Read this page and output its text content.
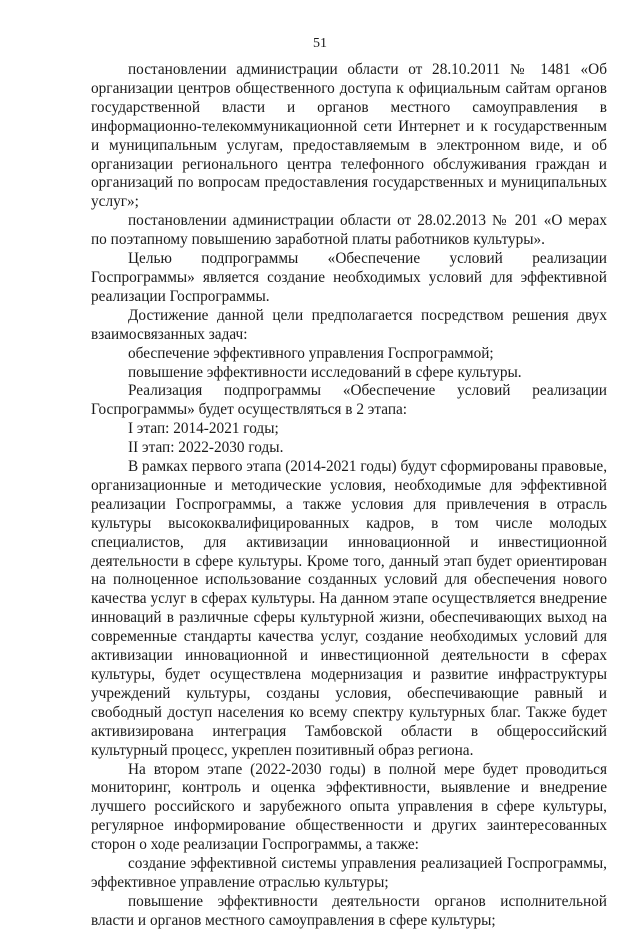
51

постановлении администрации области от 28.10.2011 № 1481 «Об организации центров общественного доступа к официальным сайтам органов государственной власти и органов местного самоуправления в информационно-телекоммуникационной сети Интернет и к государственным и муниципальным услугам, предоставляемым в электронном виде, и об организации регионального центра телефонного обслуживания граждан и организаций по вопросам предоставления государственных и муниципальных услуг»;

постановлении администрации области от 28.02.2013 № 201 «О мерах по поэтапному повышению заработной платы работников культуры».

Целью подпрограммы «Обеспечение условий реализации Госпрограммы» является создание необходимых условий для эффективной реализации Госпрограммы.

Достижение данной цели предполагается посредством решения двух взаимосвязанных задач:

обеспечение эффективного управления Госпрограммой;

повышение эффективности исследований в сфере культуры.

Реализация подпрограммы «Обеспечение условий реализации Госпрограммы» будет осуществляться в 2 этапа:

I этап: 2014-2021 годы;

II этап: 2022-2030 годы.

В рамках первого этапа (2014-2021 годы) будут сформированы правовые, организационные и методические условия, необходимые для эффективной реализации Госпрограммы, а также условия для привлечения в отрасль культуры высококвалифицированных кадров, в том числе молодых специалистов, для активизации инновационной и инвестиционной деятельности в сфере культуры. Кроме того, данный этап будет ориентирован на полноценное использование созданных условий для обеспечения нового качества услуг в сферах культуры. На данном этапе осуществляется внедрение инноваций в различные сферы культурной жизни, обеспечивающих выход на современные стандарты качества услуг, создание необходимых условий для активизации инновационной и инвестиционной деятельности в сферах культуры, будет осуществлена модернизация и развитие инфраструктуры учреждений культуры, созданы условия, обеспечивающие равный и свободный доступ населения ко всему спектру культурных благ. Также будет активизирована интеграция Тамбовской области в общероссийский культурный процесс, укреплен позитивный образ региона.

На втором этапе (2022-2030 годы) в полной мере будет проводиться мониторинг, контроль и оценка эффективности, выявление и внедрение лучшего российского и зарубежного опыта управления в сфере культуры, регулярное информирование общественности и других заинтересованных сторон о ходе реализации Госпрограммы, а также:

создание эффективной системы управления реализацией Госпрограммы, эффективное управление отраслью культуры;

повышение эффективности деятельности органов исполнительной власти и органов местного самоуправления в сфере культуры;
